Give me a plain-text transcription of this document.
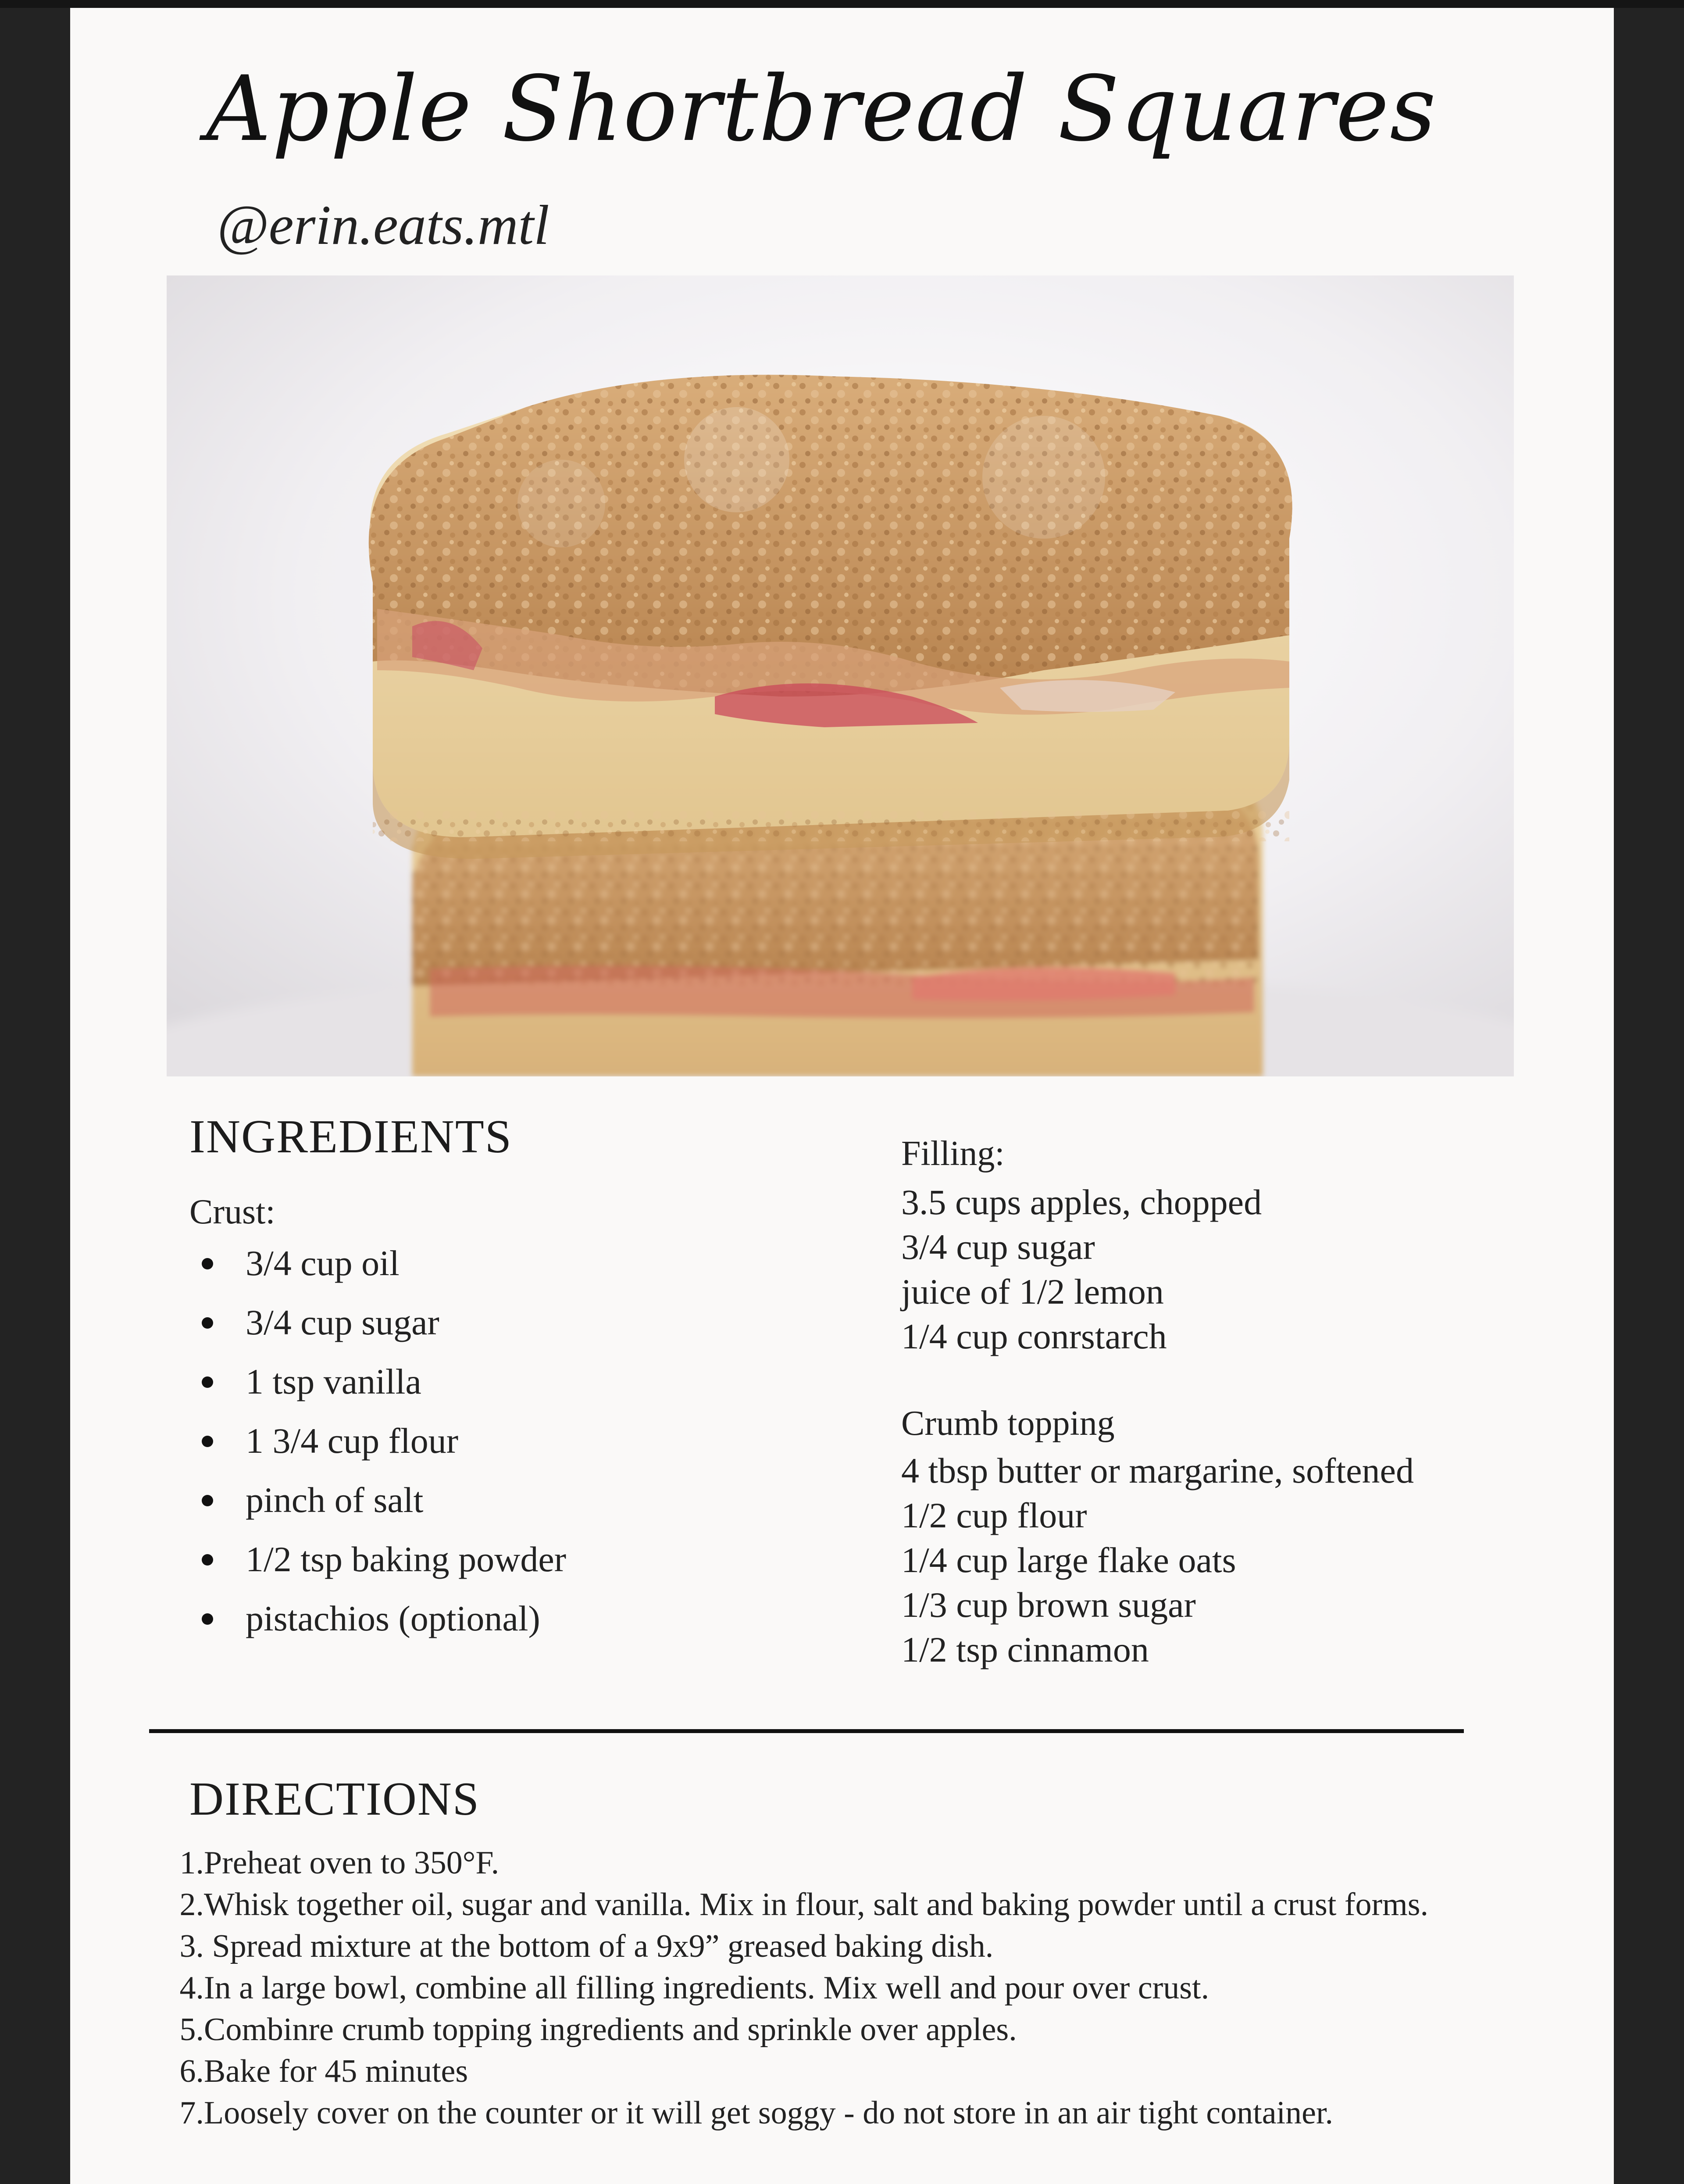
Apple Shortbread Squares
@erin.eats.mtl
INGREDIENTS
Crust:
3/4 cup oil
3/4 cup sugar
1 tsp vanilla
1 3/4 cup flour
pinch of salt
1/2 tsp baking powder
pistachios (optional)
Filling:
3.5 cups apples, chopped
3/4 cup sugar
juice of 1/2 lemon
1/4 cup conrstarch
Crumb topping
4 tbsp butter or margarine, softened
1/2 cup flour
1/4 cup large flake oats
1/3 cup brown sugar
1/2 tsp cinnamon
DIRECTIONS
1.Preheat oven to 350°F.
2.Whisk together oil, sugar and vanilla. Mix in flour, salt and baking powder until a crust forms.
3. Spread mixture at the bottom of a 9x9” greased baking dish.
4.In a large bowl, combine all filling ingredients. Mix well and pour over crust.
5.Combinre crumb topping ingredients and sprinkle over apples.
6.Bake for 45 minutes
7.Loosely cover on the counter or it will get soggy - do not store in an air tight container.
